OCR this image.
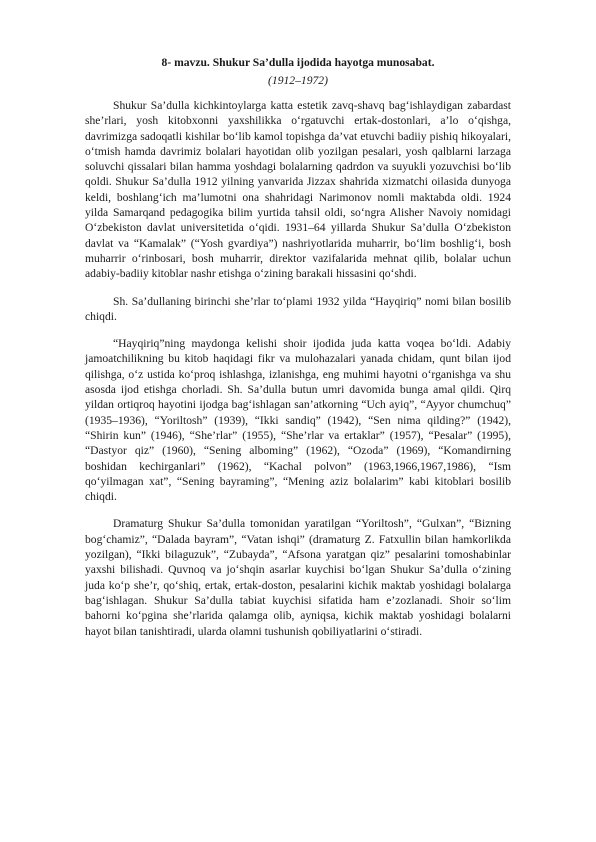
8- mavzu. Shukur Sa’dulla ijodida hayotga munosabat.

(1912–1972)

Shukur Sa’dulla kichkintoylarga katta estetik zavq-shavq bag‘ishlaydigan zabardast she’rlari, yosh kitobxonni yaxshilikka o‘rgatuvchi ertak-dostonlari, a’lo o‘qishga, davrimizga sadoqatli kishilar bo‘lib kamol topishga da’vat etuvchi badiiy pishiq hikoyalari, o‘tmish hamda davrimiz bolalari hayotidan olib yozilgan pesalari, yosh qalblarni larzaga soluvchi qissalari bilan hamma yoshdagi bolalarning qadrdon va suyukli yozuvchisi bo‘lib qoldi. Shukur Sa’dulla 1912 yilning yanvarida Jizzax shahrida xizmatchi oilasida dunyoga keldi, boshlang‘ich ma’lumotni ona shahridagi Narimonov nomli maktabda oldi. 1924 yilda Samarqand pedagogika bilim yurtida tahsil oldi, so‘ngra Alisher Navoiy nomidagi O‘zbekiston davlat universitetida o‘qidi. 1931–64 yillarda Shukur Sa’dulla O‘zbekiston davlat va “Kamalak” (“Yosh gvardiya”) nashriyotlarida muharrir, bo‘lim boshlig‘i, bosh muharrir o‘rinbosari, bosh muharrir, direktor vazifalarida mehnat qilib, bolalar uchun adabiy-badiiy kitoblar nashr etishga o‘zining barakali hissasini qo‘shdi.

Sh. Sa’dullaning birinchi she’rlar to‘plami 1932 yilda “Hayqiriq” nomi bilan bosilib chiqdi.

“Hayqiriq”ning maydonga kelishi shoir ijodida juda katta voqea bo‘ldi. Adabiy jamoatchilikning bu kitob haqidagi fikr va mulohazalari yanada chidam, qunt bilan ijod qilishga, o‘z ustida ko‘proq ishlashga, izlanishga, eng muhimi hayotni o‘rganishga va shu asosda ijod etishga chorladi. Sh. Sa’dulla butun umri davomida bunga amal qildi. Qirq yildan ortiqroq hayotini ijodga bag‘ishlagan san’atkorning “Uch ayiq”, “Ayyor chumchuq” (1935–1936), “Yoriltosh” (1939), “Ikki sandiq” (1942), “Sen nima qilding?” (1942), “Shirin kun” (1946), “She’rlar” (1955), “She’rlar va ertaklar” (1957), “Pesalar” (1995), “Dastyor qiz” (1960), “Sening alboming” (1962), “Ozoda” (1969), “Komandirning boshidan kechirganlari” (1962), “Kachal polvon” (1963,1966,1967,1986), “Ism qo‘yilmagan xat”, “Sening bayraming”, “Mening aziz bolalarim” kabi kitoblari bosilib chiqdi.

Dramaturg Shukur Sa’dulla tomonidan yaratilgan “Yoriltosh”, “Gulxan”, “Bizning bog‘chamiz”, “Dalada bayram”, “Vatan ishqi” (dramaturg Z. Fatxullin bilan hamkorlikda yozilgan), “Ikki bilaguzuk”, “Zubayda”, “Afsona yaratgan qiz” pesalarini tomoshabinlar yaxshi bilishadi. Quvnoq va jo‘shqin asarlar kuychisi bo‘lgan Shukur Sa’dulla o‘zining juda ko‘p she’r, qo‘shiq, ertak, ertak-doston, pesalarini kichik maktab yoshidagi bolalarga bag‘ishlagan. Shukur Sa’dulla tabiat kuychisi sifatida ham e’zozlanadi. Shoir so‘lim bahorni ko‘pgina she’rlarida qalamga olib, ayniqsa, kichik maktab yoshidagi bolalarni hayot bilan tanishtiradi, ularda olamni tushunish qobiliyatlarini o‘stiradi.
